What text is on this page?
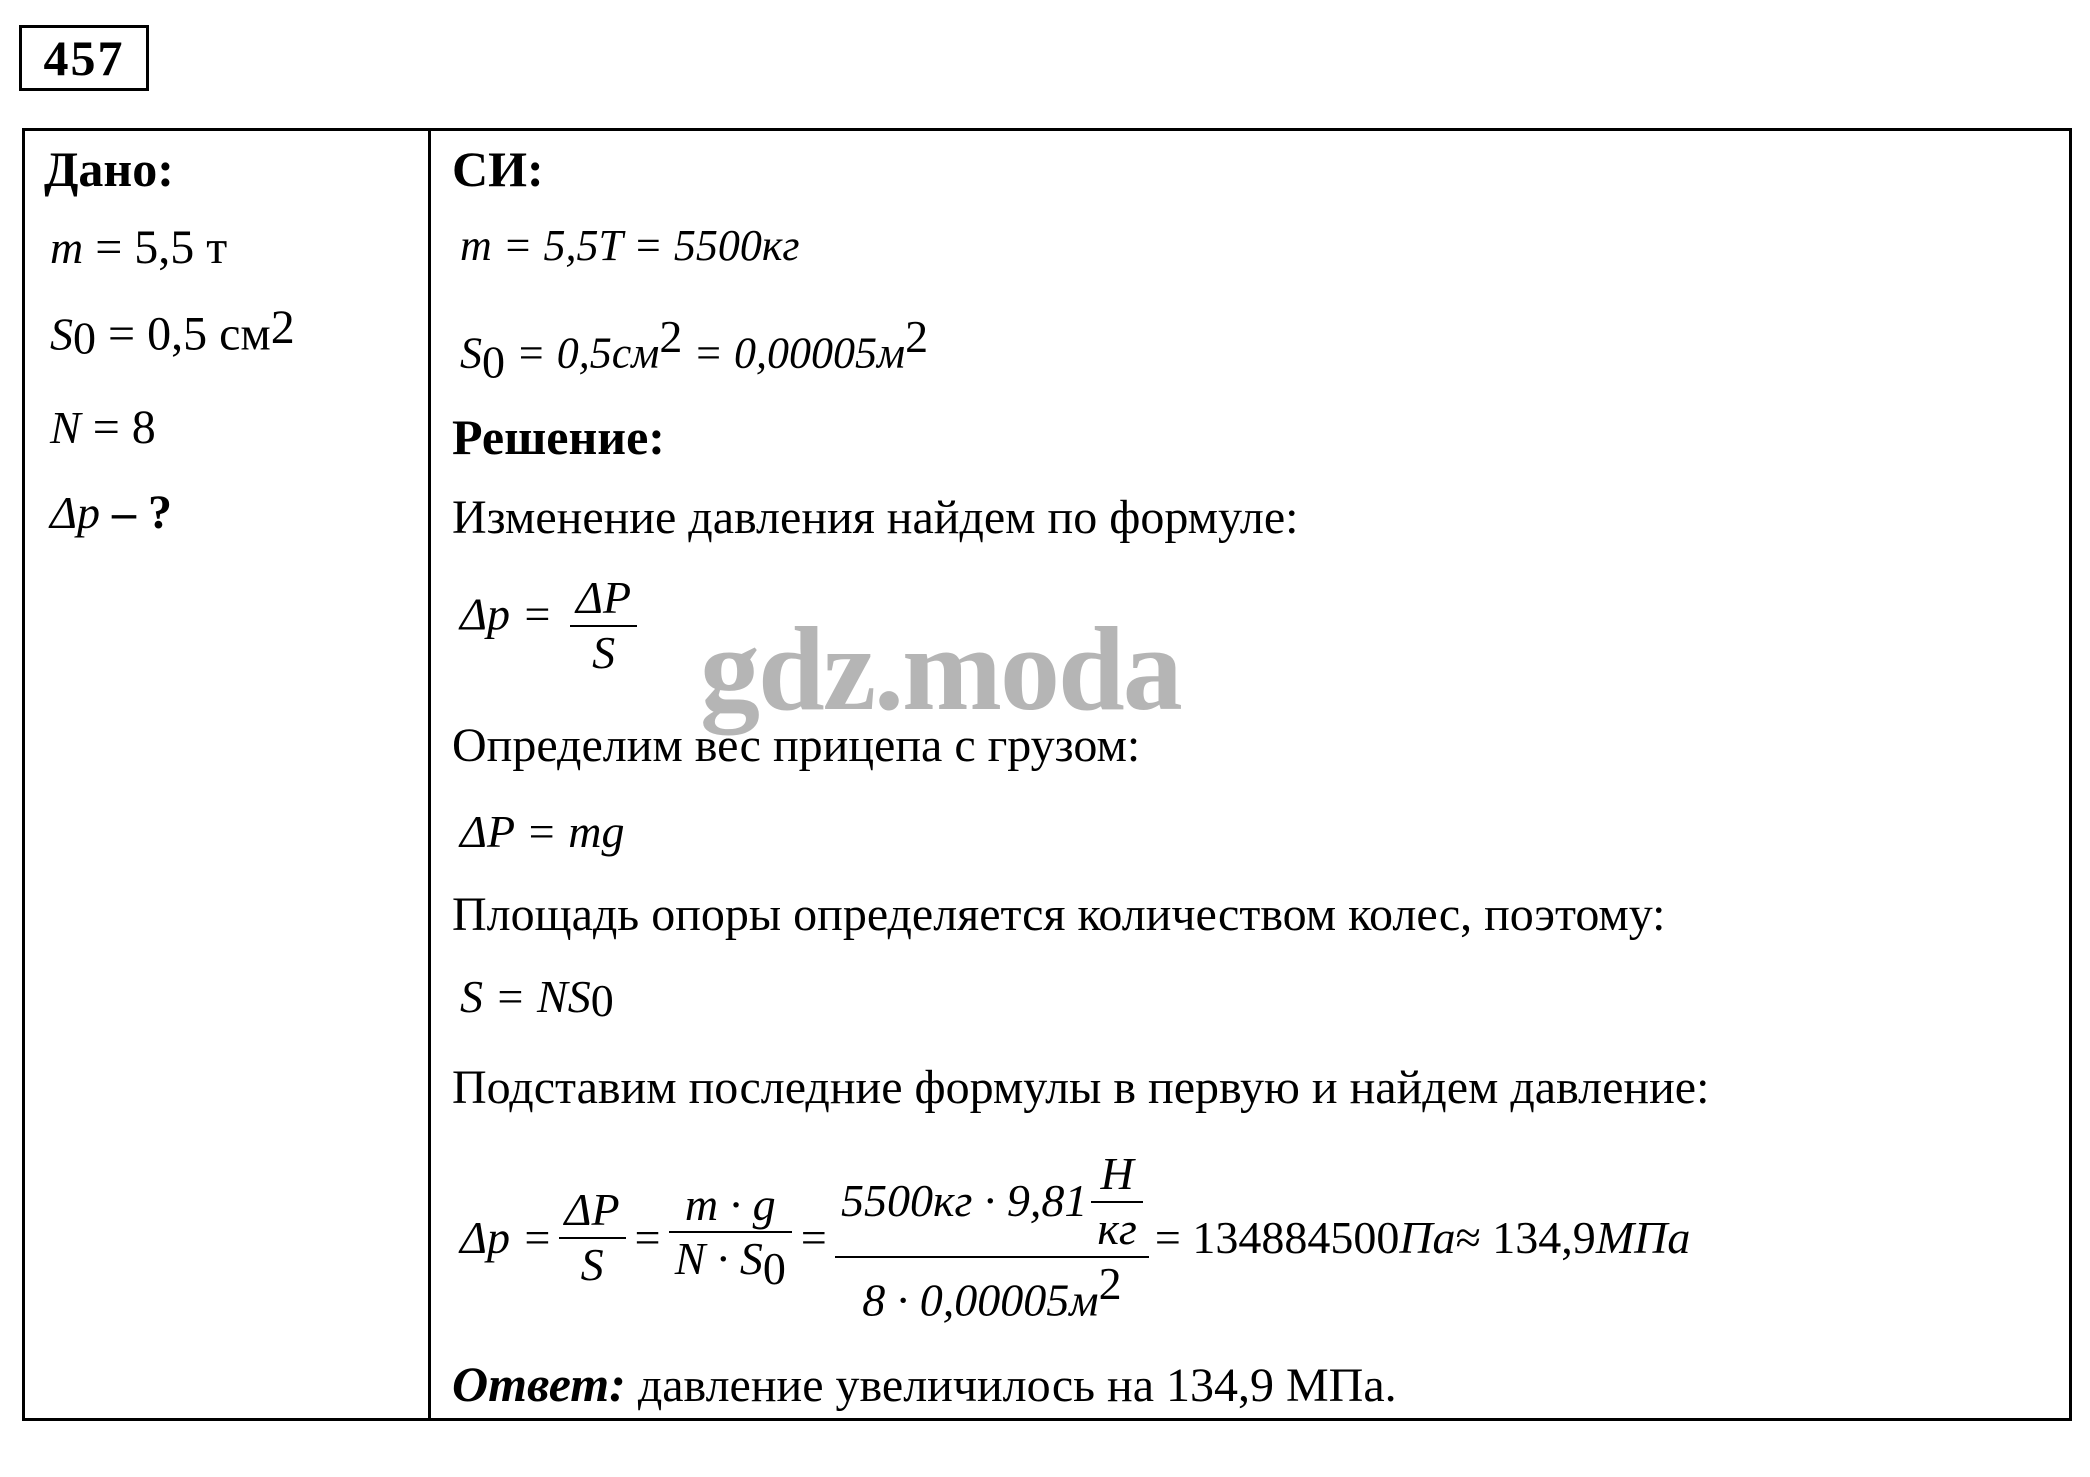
457
Дано:
m = 5,5 т
$S_0 = 0,5$ $см^2$
N = 8
Δp – ?
СИ:
m = 5,5T = 5500кг
$S_0 = 0,5см^2 = 0,00005м^2$
Решение:
Изменение давления найдем по формуле:
$\Delta p = \frac{\Delta P}{S}$
Определим вес прицепа с грузом:
ΔP = mg
Площадь опоры определяется количеством колес, поэтому:
$S = NS_0$
Подставим последние формулы в первую и найдем давление:
$\Delta p = \frac{\Delta P}{S} = \frac{m \cdot g}{N \cdot S_0} = \frac{5500кг \cdot 9,81 \frac{Н}{кг}}{8 \cdot 0,00005м^2} = 134884500$ Па ≈ 134,9 МПа
Ответ: давление увеличилось на 134,9 МПа.
gdz.moda
